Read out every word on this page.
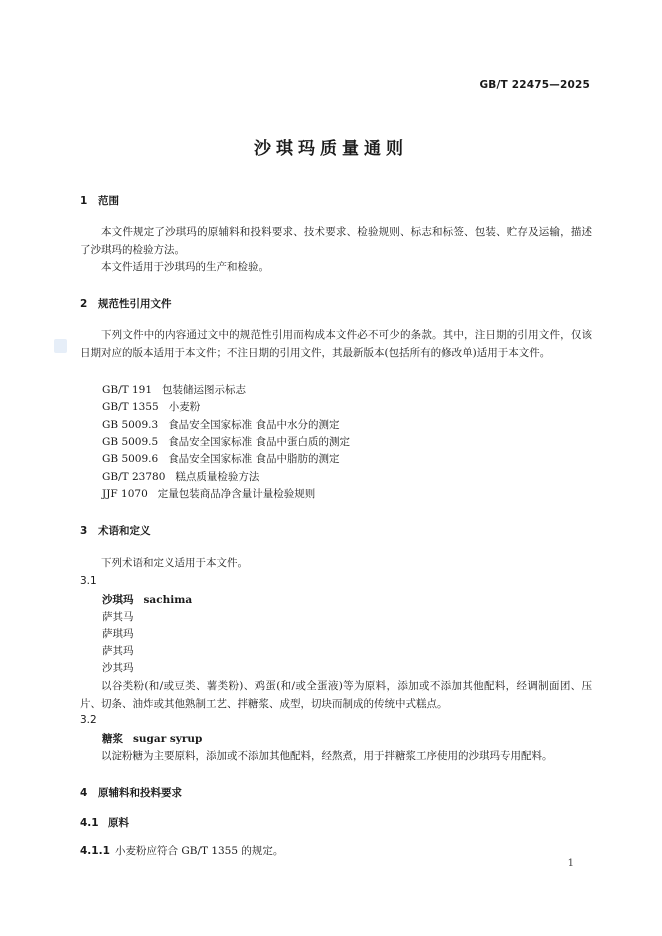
GB/T 22475—2025
沙琪玛质量通则
1 范围
本文件规定了沙琪玛的原辅料和投料要求、技术要求、检验规则、标志和标签、包装、贮存及运输，描述了沙琪玛的检验方法。
本文件适用于沙琪玛的生产和检验。
2 规范性引用文件
下列文件中的内容通过文中的规范性引用而构成本文件必不可少的条款。其中，注日期的引用文件，仅该日期对应的版本适用于本文件；不注日期的引用文件，其最新版本(包括所有的修改单)适用于本文件。
GB/T 191 包装储运图示标志
GB/T 1355 小麦粉
GB 5009.3 食品安全国家标准 食品中水分的测定
GB 5009.5 食品安全国家标准 食品中蛋白质的测定
GB 5009.6 食品安全国家标准 食品中脂肪的测定
GB/T 23780 糕点质量检验方法
JJF 1070 定量包装商品净含量计量检验规则
3 术语和定义
下列术语和定义适用于本文件。
3.1
沙琪玛 sachima
萨其马
萨琪玛
萨其玛
沙其玛
以谷类粉(和/或豆类、薯类粉)、鸡蛋(和/或全蛋液)等为原料，添加或不添加其他配料，经调制面团、压片、切条、油炸或其他熟制工艺、拌糖浆、成型，切块而制成的传统中式糕点。
3.2
糖浆 sugar syrup
以淀粉糖为主要原料，添加或不添加其他配料，经熬煮，用于拌糖浆工序使用的沙琪玛专用配料。
4 原辅料和投料要求
4.1 原料
4.1.1 小麦粉应符合 GB/T 1355 的规定。
1
